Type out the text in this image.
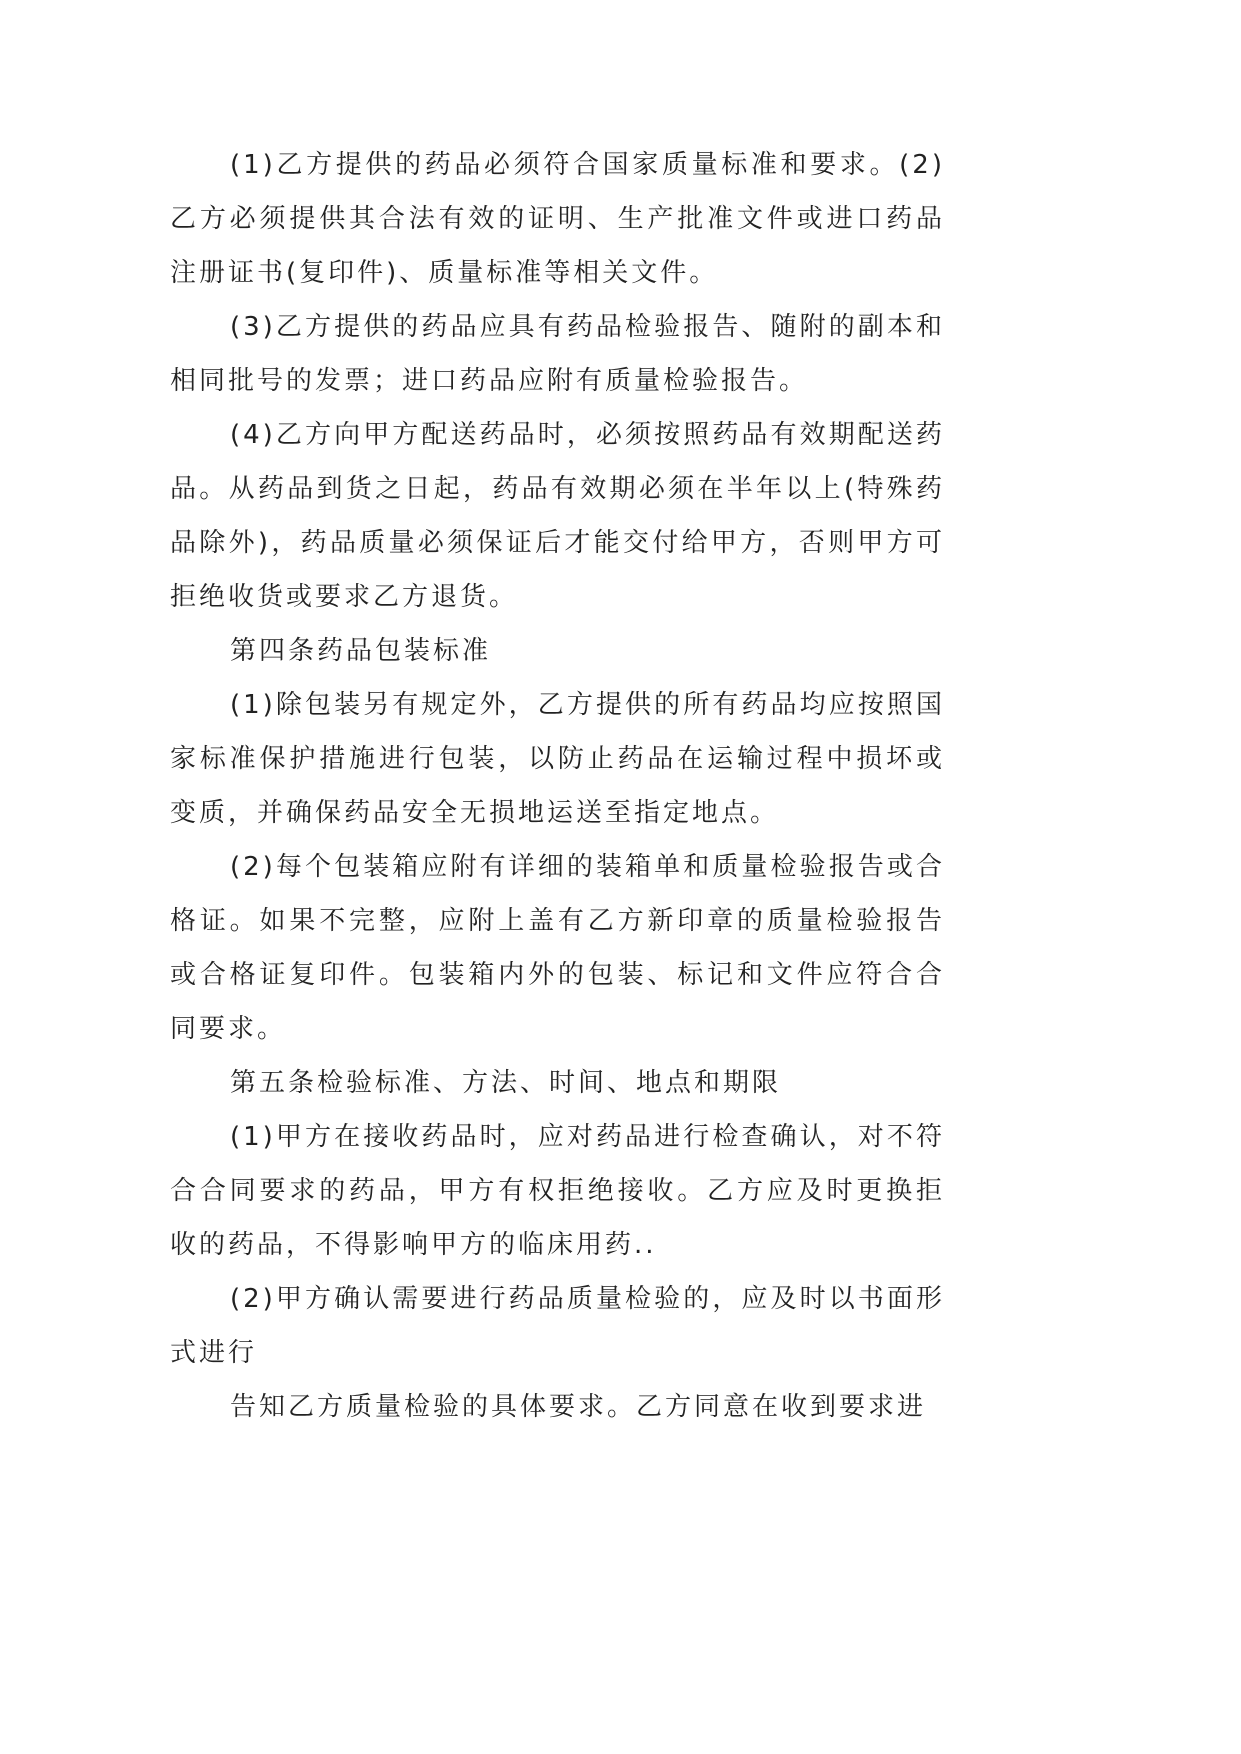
(1)乙方提供的药品必须符合国家质量标准和要求。(2)乙方必须提供其合法有效的证明、生产批准文件或进口药品注册证书(复印件)、质量标准等相关文件。

(3)乙方提供的药品应具有药品检验报告、随附的副本和相同批号的发票；进口药品应附有质量检验报告。

(4)乙方向甲方配送药品时，必须按照药品有效期配送药品。从药品到货之日起，药品有效期必须在半年以上(特殊药品除外)，药品质量必须保证后才能交付给甲方，否则甲方可拒绝收货或要求乙方退货。

第四条药品包装标准

(1)除包装另有规定外，乙方提供的所有药品均应按照国家标准保护措施进行包装，以防止药品在运输过程中损坏或变质，并确保药品安全无损地运送至指定地点。

(2)每个包装箱应附有详细的装箱单和质量检验报告或合格证。如果不完整，应附上盖有乙方新印章的质量检验报告或合格证复印件。包装箱内外的包装、标记和文件应符合合同要求。

第五条检验标准、方法、时间、地点和期限

(1)甲方在接收药品时，应对药品进行检查确认，对不符合合同要求的药品，甲方有权拒绝接收。乙方应及时更换拒收的药品，不得影响甲方的临床用药..

(2)甲方确认需要进行药品质量检验的，应及时以书面形式进行

告知乙方质量检验的具体要求。乙方同意在收到要求进
